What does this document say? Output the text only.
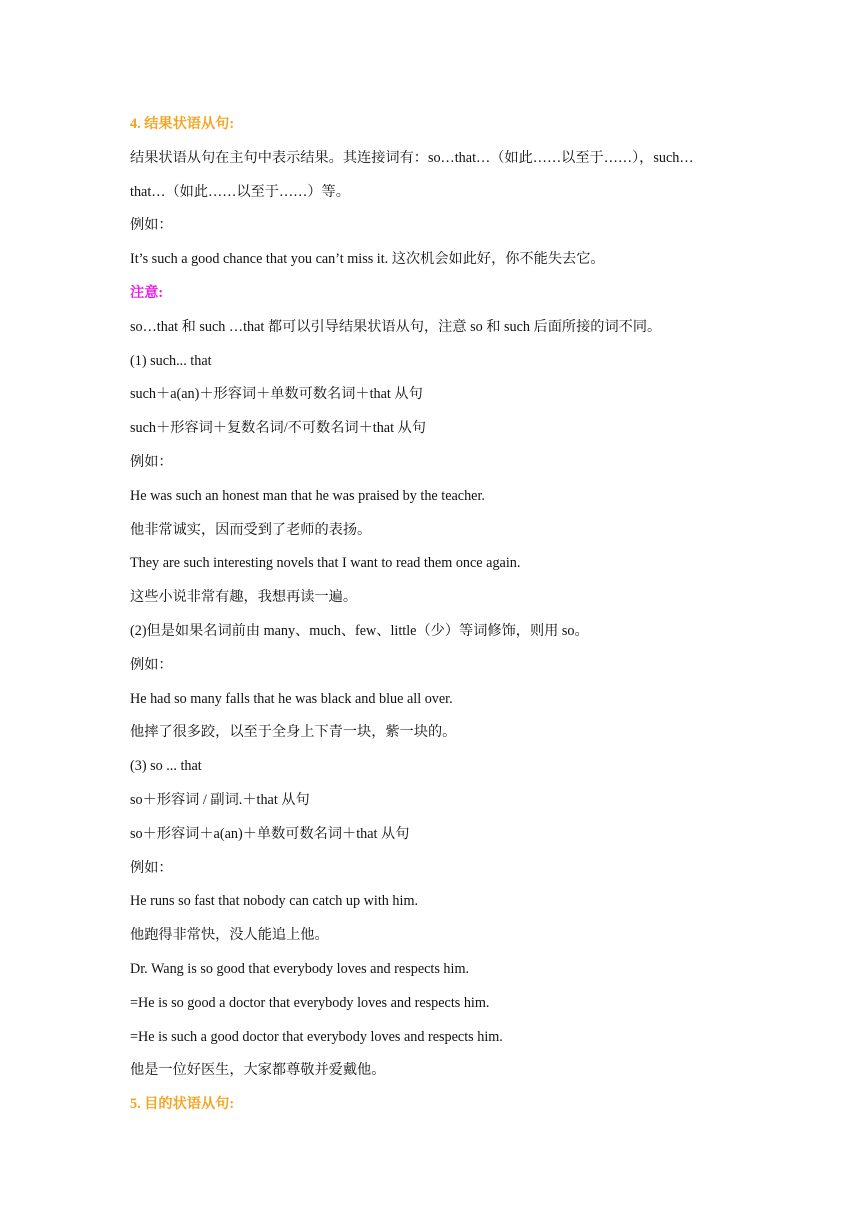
4. 结果状语从句:
结果状语从句在主句中表示结果。其连接词有：so…that…（如此……以至于……），such…
that…（如此……以至于……）等。
例如：
It’s such a good chance that you can’t miss it. 这次机会如此好，你不能失去它。
注意:
so…that 和 such …that 都可以引导结果状语从句，注意 so 和 such 后面所接的词不同。
(1) such... that
such＋a(an)＋形容词＋单数可数名词＋that 从句
such＋形容词＋复数名词/不可数名词＋that 从句
例如：
He was such an honest man that he was praised by the teacher.
他非常诚实，因而受到了老师的表扬。
They are such interesting novels that I want to read them once again.
这些小说非常有趣，我想再读一遍。
(2)但是如果名词前由 many、much、few、little（少）等词修饰，则用 so。
例如：
He had so many falls that he was black and blue all over.
他摔了很多跤，以至于全身上下青一块，紫一块的。
(3) so ... that
so＋形容词 / 副词.＋that 从句
so＋形容词＋a(an)＋单数可数名词＋that 从句
例如：
He runs so fast that nobody can catch up with him.
他跑得非常快，没人能追上他。
Dr. Wang is so good that everybody loves and respects him.
=He is so good a doctor that everybody loves and respects him.
=He is such a good doctor that everybody loves and respects him.
他是一位好医生，大家都尊敬并爱戴他。
5. 目的状语从句:
